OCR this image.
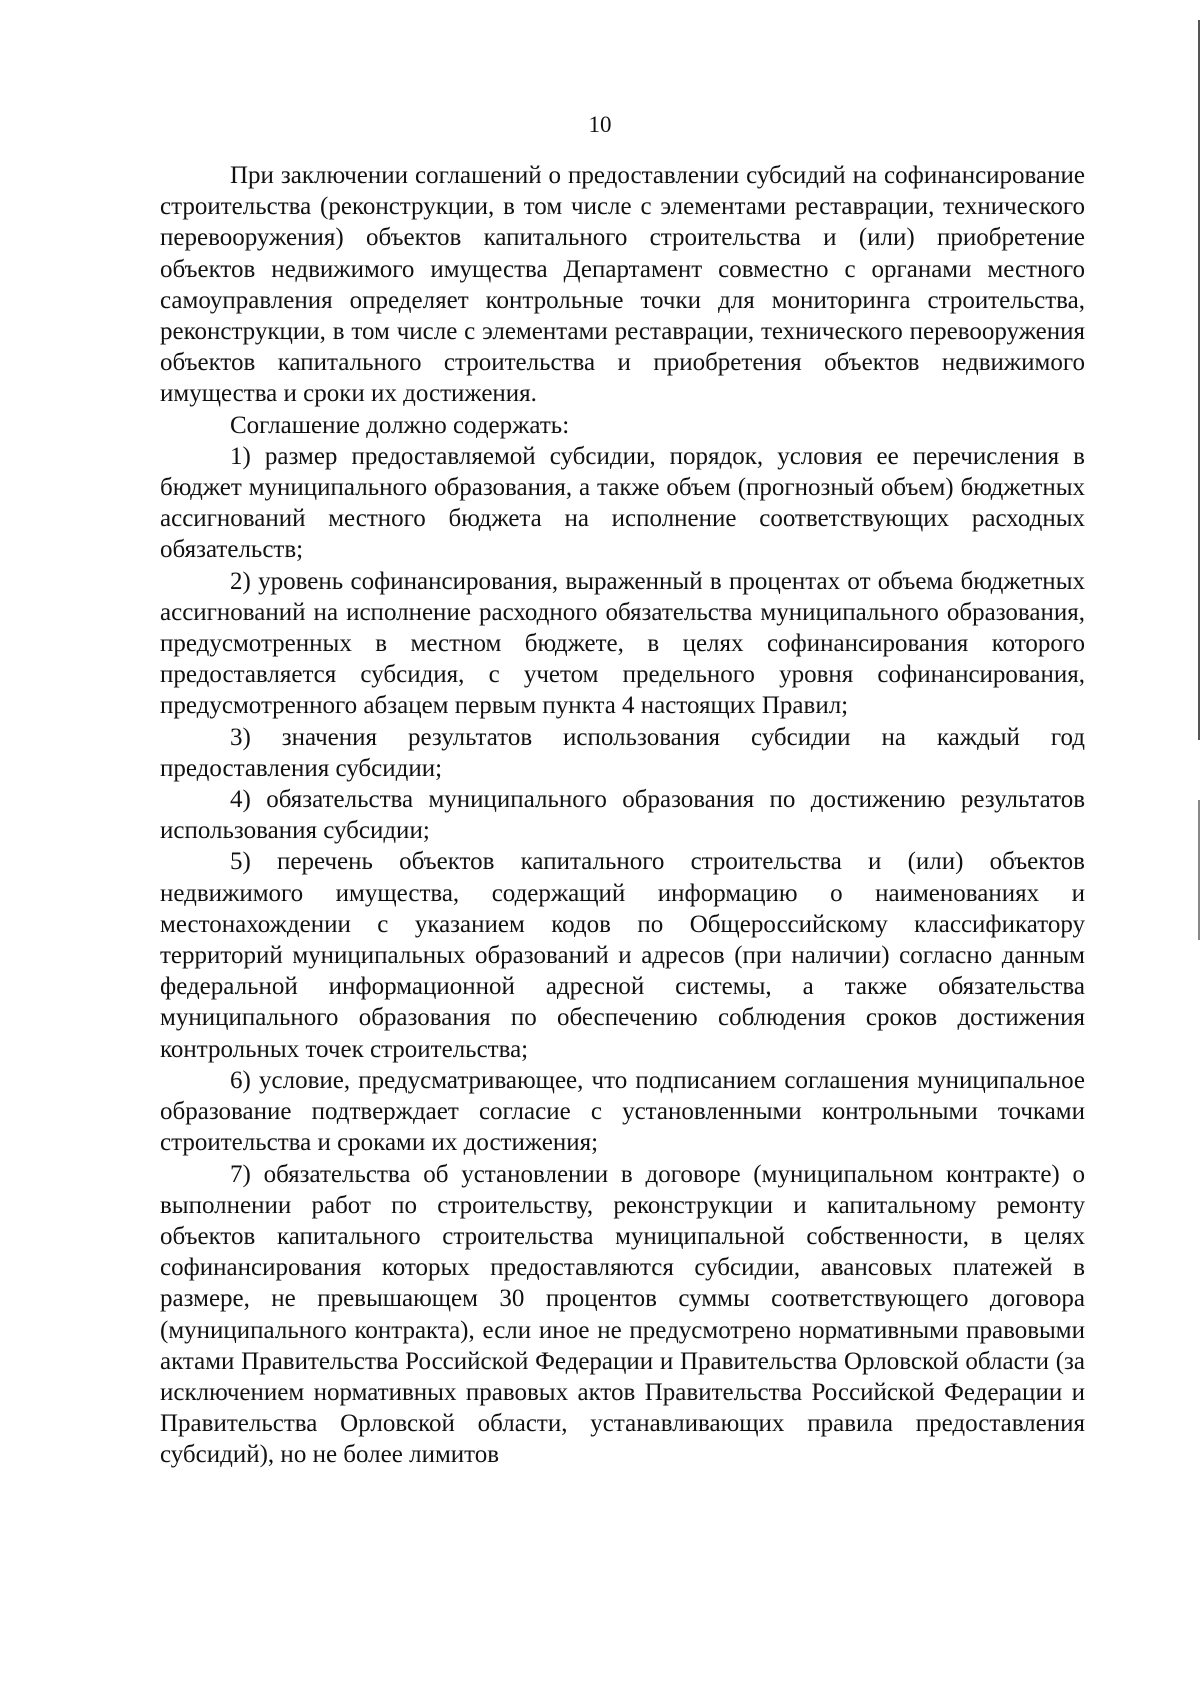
10

При заключении соглашений о предоставлении субсидий на софинансирование строительства (реконструкции, в том числе с элементами реставрации, технического перевооружения) объектов капитального строительства и (или) приобретение объектов недвижимого имущества Департамент совместно с органами местного самоуправления определяет контрольные точки для мониторинга строительства, реконструкции, в том числе с элементами реставрации, технического перевооружения объектов капитального строительства и приобретения объектов недвижимого имущества и сроки их достижения.

Соглашение должно содержать:

1) размер предоставляемой субсидии, порядок, условия ее перечисления в бюджет муниципального образования, а также объем (прогнозный объем) бюджетных ассигнований местного бюджета на исполнение соответствующих расходных обязательств;

2) уровень софинансирования, выраженный в процентах от объема бюджетных ассигнований на исполнение расходного обязательства муниципального образования, предусмотренных в местном бюджете, в целях софинансирования которого предоставляется субсидия, с учетом предельного уровня софинансирования, предусмотренного абзацем первым пункта 4 настоящих Правил;

3) значения результатов использования субсидии на каждый год предоставления субсидии;

4) обязательства муниципального образования по достижению результатов использования субсидии;

5) перечень объектов капитального строительства и (или) объектов недвижимого имущества, содержащий информацию о наименованиях и местонахождении с указанием кодов по Общероссийскому классификатору территорий муниципальных образований и адресов (при наличии) согласно данным федеральной информационной адресной системы, а также обязательства муниципального образования по обеспечению соблюдения сроков достижения контрольных точек строительства;

6) условие, предусматривающее, что подписанием соглашения муниципальное образование подтверждает согласие с установленными контрольными точками строительства и сроками их достижения;

7) обязательства об установлении в договоре (муниципальном контракте) о выполнении работ по строительству, реконструкции и капитальному ремонту объектов капитального строительства муниципальной собственности, в целях софинансирования которых предоставляются субсидии, авансовых платежей в размере, не превышающем 30 процентов суммы соответствующего договора (муниципального контракта), если иное не предусмотрено нормативными правовыми актами Правительства Российской Федерации и Правительства Орловской области (за исключением нормативных правовых актов Правительства Российской Федерации и Правительства Орловской области, устанавливающих правила предоставления субсидий), но не более лимитов
